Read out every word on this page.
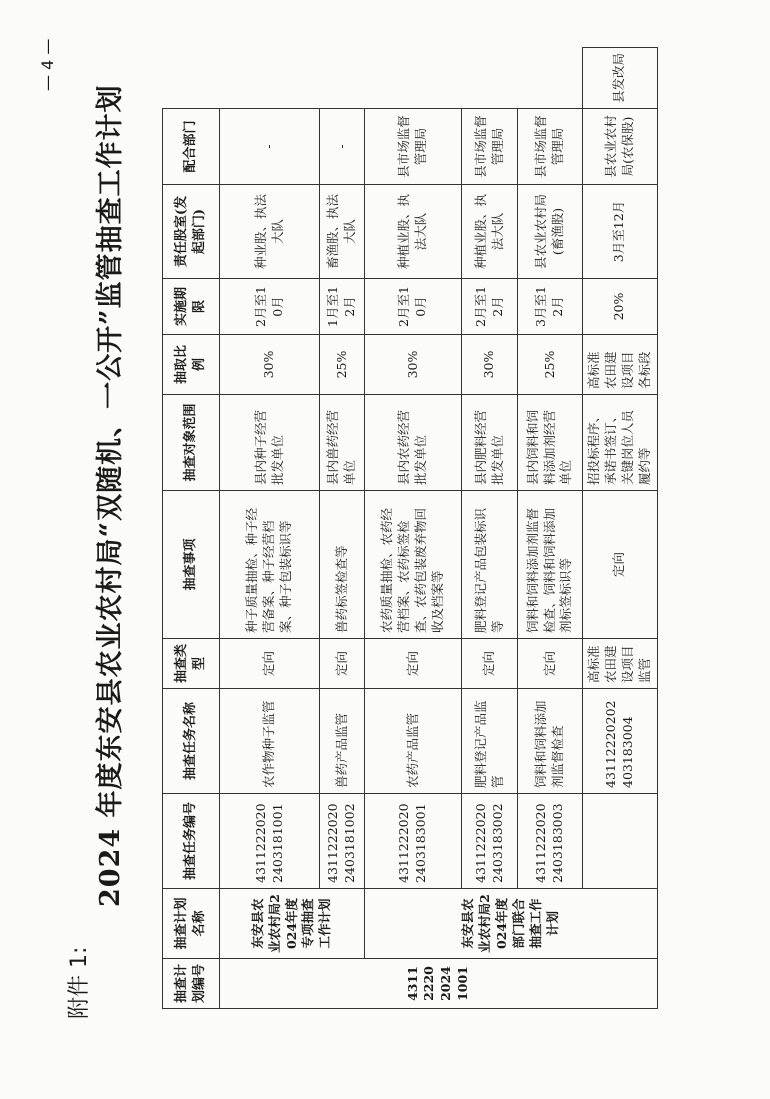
附件 1:
2024 年度东安县农业农村局“双随机、一公开”监管抽查工作计划
— 4 —
抽查计划编号	抽查计划名称	抽查任务编号	抽查任务名称	抽查类型	抽查事项	抽查对象范围	抽取比例	实施期限	责任股室(发起部门)	配合部门	
431122202024 1001	东安县农业农村局2024年度专项抽查工作计划	43112220202403181001	农作物种子监管	定向	种子质量抽检、种子经营备案、种子经营档案、种子包装标识等	县内种子经营批发单位	30%	2月至10月	种业股、执法大队	-	
		43112220202403181002	兽药产品监管	定向	兽药标签检查等	县内兽药经营单位	25%	1月至12月	畜渔股、执法大队	-	
	东安县农业农村局2024年度部门联合抽查工作计划	43112220202403183001	农药产品监管	定向	农药质量抽检、农药经营档案、农药标签检查、农药包装废弃物回收及档案等	县内农药经营批发单位	30%	2月至10月	种植业股、执法大队	县市场监督管理局	
		43112220202403183002	肥料登记产品监管	定向	肥料登记产品包装标识等	县内肥料经营批发单位	30%	2月至12月	种植业股、执法大队	县市场监督管理局	
		43112220202403183003	饲料和饲料添加剂监督检查	定向	饲料和饲料添加剂监督检查、饲料和饲料添加剂标签标识等	县内饲料和饲料添加剂经营单位	25%	3月至12月	县农业农村局(畜渔股)	县市场监督管理局	
			43112220202403183004	高标准农田建设项目监管	定向	招投标程序、承诺书签订、关键岗位人员履约等	高标准农田建设项目各标段	20%	3月至12月	县农业农村局(农保股)	县发改局
